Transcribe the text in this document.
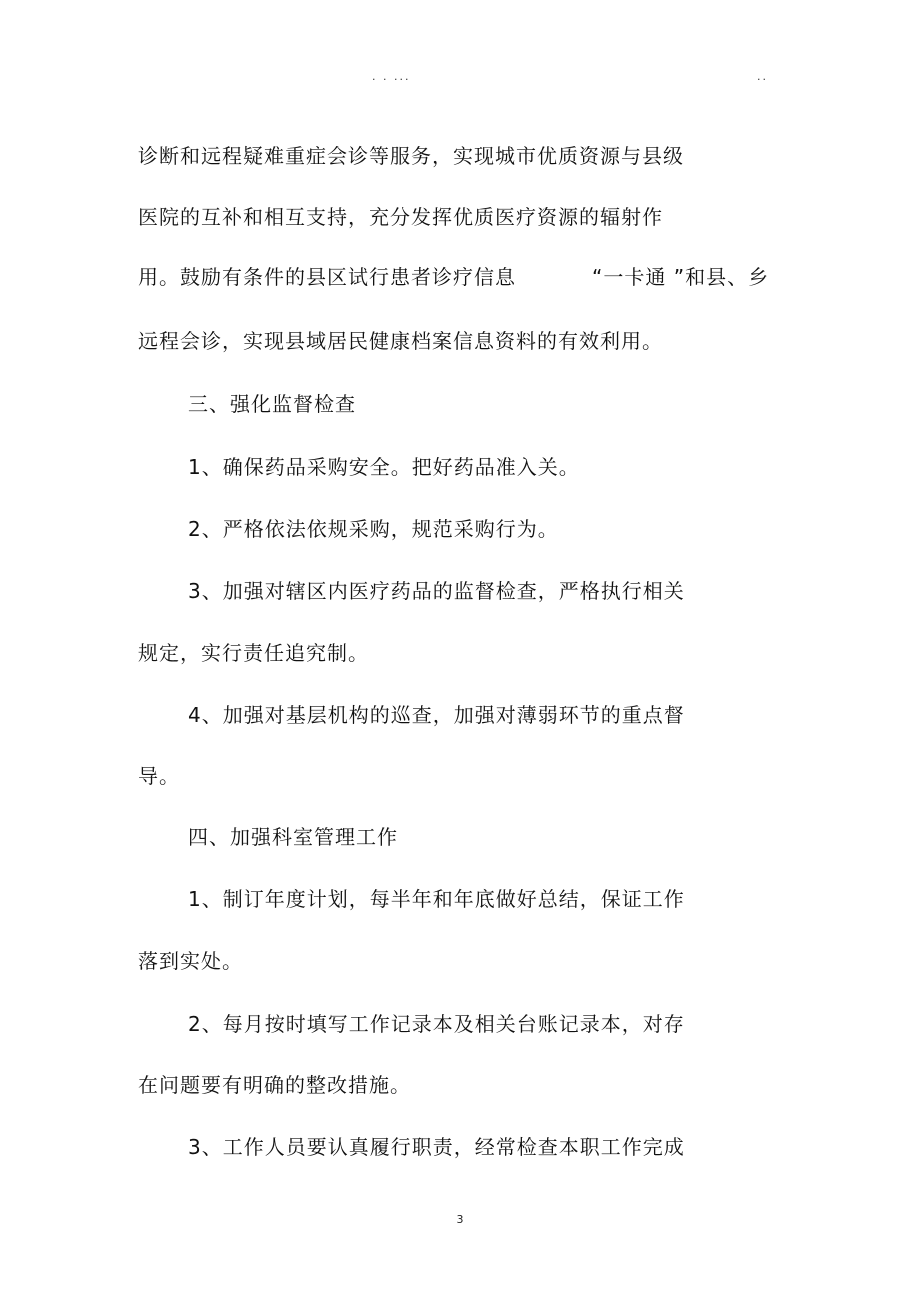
. . ...	..
诊断和远程疑难重症会诊等服务，实现城市优质资源与县级
医院的互补和相互支持，充分发挥优质医疗资源的辐射作
用。鼓励有条件的县区试行患者诊疗信息	“一卡通 ”和县、乡
远程会诊，实现县域居民健康档案信息资料的有效利用。
三、强化监督检查
1、确保药品采购安全。把好药品准入关。
2、严格依法依规采购，规范采购行为。
3、加强对辖区内医疗药品的监督检查，严格执行相关
规定，实行责任追究制。
4、加强对基层机构的巡查，加强对薄弱环节的重点督
导。
四、加强科室管理工作
1、制订年度计划，每半年和年底做好总结，保证工作
落到实处。
2、每月按时填写工作记录本及相关台账记录本，对存
在问题要有明确的整改措施。
3、工作人员要认真履行职责，经常检查本职工作完成
3
